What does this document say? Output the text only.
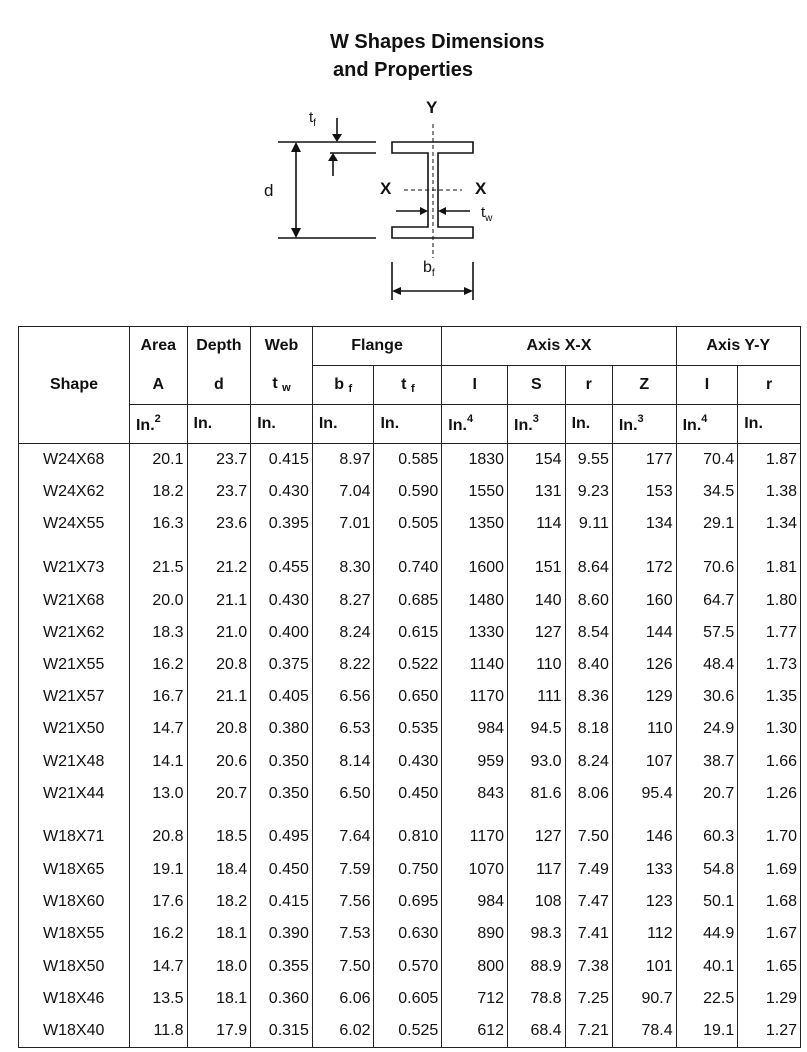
W Shapes Dimensions
and Properties
Y
X	X
d
$t_f$
$t_w$
$b_f$
Shape	Area	Depth	Web	Flange		Axis X-X				Axis Y-Y	
	A	d	t $_w$	b $_f$	t $_f$	I	S	r	Z	I	r
	In.$^2$	In.	In.	In.	In.	In.$^4$	In.$^3$	In.	In.$^3$	In.$^4$	In.
W24X68	20.1	23.7	0.415	8.97	0.585	1830	154	9.55	177	70.4	1.87
W24X62	18.2	23.7	0.430	7.04	0.590	1550	131	9.23	153	34.5	1.38
W24X55	16.3	23.6	0.395	7.01	0.505	1350	114	9.11	134	29.1	1.34
W21X73	21.5	21.2	0.455	8.30	0.740	1600	151	8.64	172	70.6	1.81
W21X68	20.0	21.1	0.430	8.27	0.685	1480	140	8.60	160	64.7	1.80
W21X62	18.3	21.0	0.400	8.24	0.615	1330	127	8.54	144	57.5	1.77
W21X55	16.2	20.8	0.375	8.22	0.522	1140	110	8.40	126	48.4	1.73
W21X57	16.7	21.1	0.405	6.56	0.650	1170	111	8.36	129	30.6	1.35
W21X50	14.7	20.8	0.380	6.53	0.535	984	94.5	8.18	110	24.9	1.30
W21X48	14.1	20.6	0.350	8.14	0.430	959	93.0	8.24	107	38.7	1.66
W21X44	13.0	20.7	0.350	6.50	0.450	843	81.6	8.06	95.4	20.7	1.26
W18X71	20.8	18.5	0.495	7.64	0.810	1170	127	7.50	146	60.3	1.70
W18X65	19.1	18.4	0.450	7.59	0.750	1070	117	7.49	133	54.8	1.69
W18X60	17.6	18.2	0.415	7.56	0.695	984	108	7.47	123	50.1	1.68
W18X55	16.2	18.1	0.390	7.53	0.630	890	98.3	7.41	112	44.9	1.67
W18X50	14.7	18.0	0.355	7.50	0.570	800	88.9	7.38	101	40.1	1.65
W18X46	13.5	18.1	0.360	6.06	0.605	712	78.8	7.25	90.7	22.5	1.29
W18X40	11.8	17.9	0.315	6.02	0.525	612	68.4	7.21	78.4	19.1	1.27
